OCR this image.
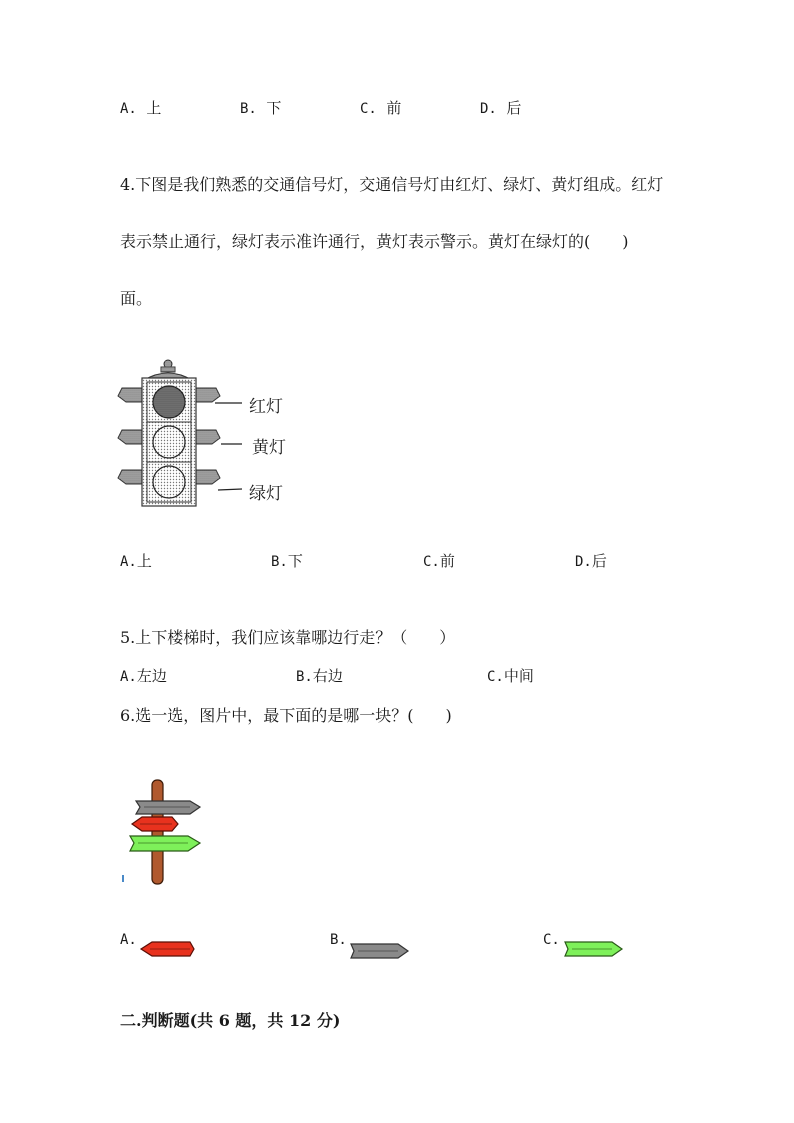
A. 上	B. 下	C. 前	D. 后
4.下图是我们熟悉的交通信号灯，交通信号灯由红灯、绿灯、黄灯组成。红灯
表示禁止通行，绿灯表示准许通行，黄灯表示警示。黄灯在绿灯的(　　)
面。
红灯
黄灯
绿灯
A.上	B.下	C.前	D.后
5.上下楼梯时，我们应该靠哪边行走？（　　）
A.左边	B.右边	C.中间
6.选一选，图片中，最下面的是哪一块？(　　)
A.	B.	C.
二.判断题(共 6 题，共 12 分)
